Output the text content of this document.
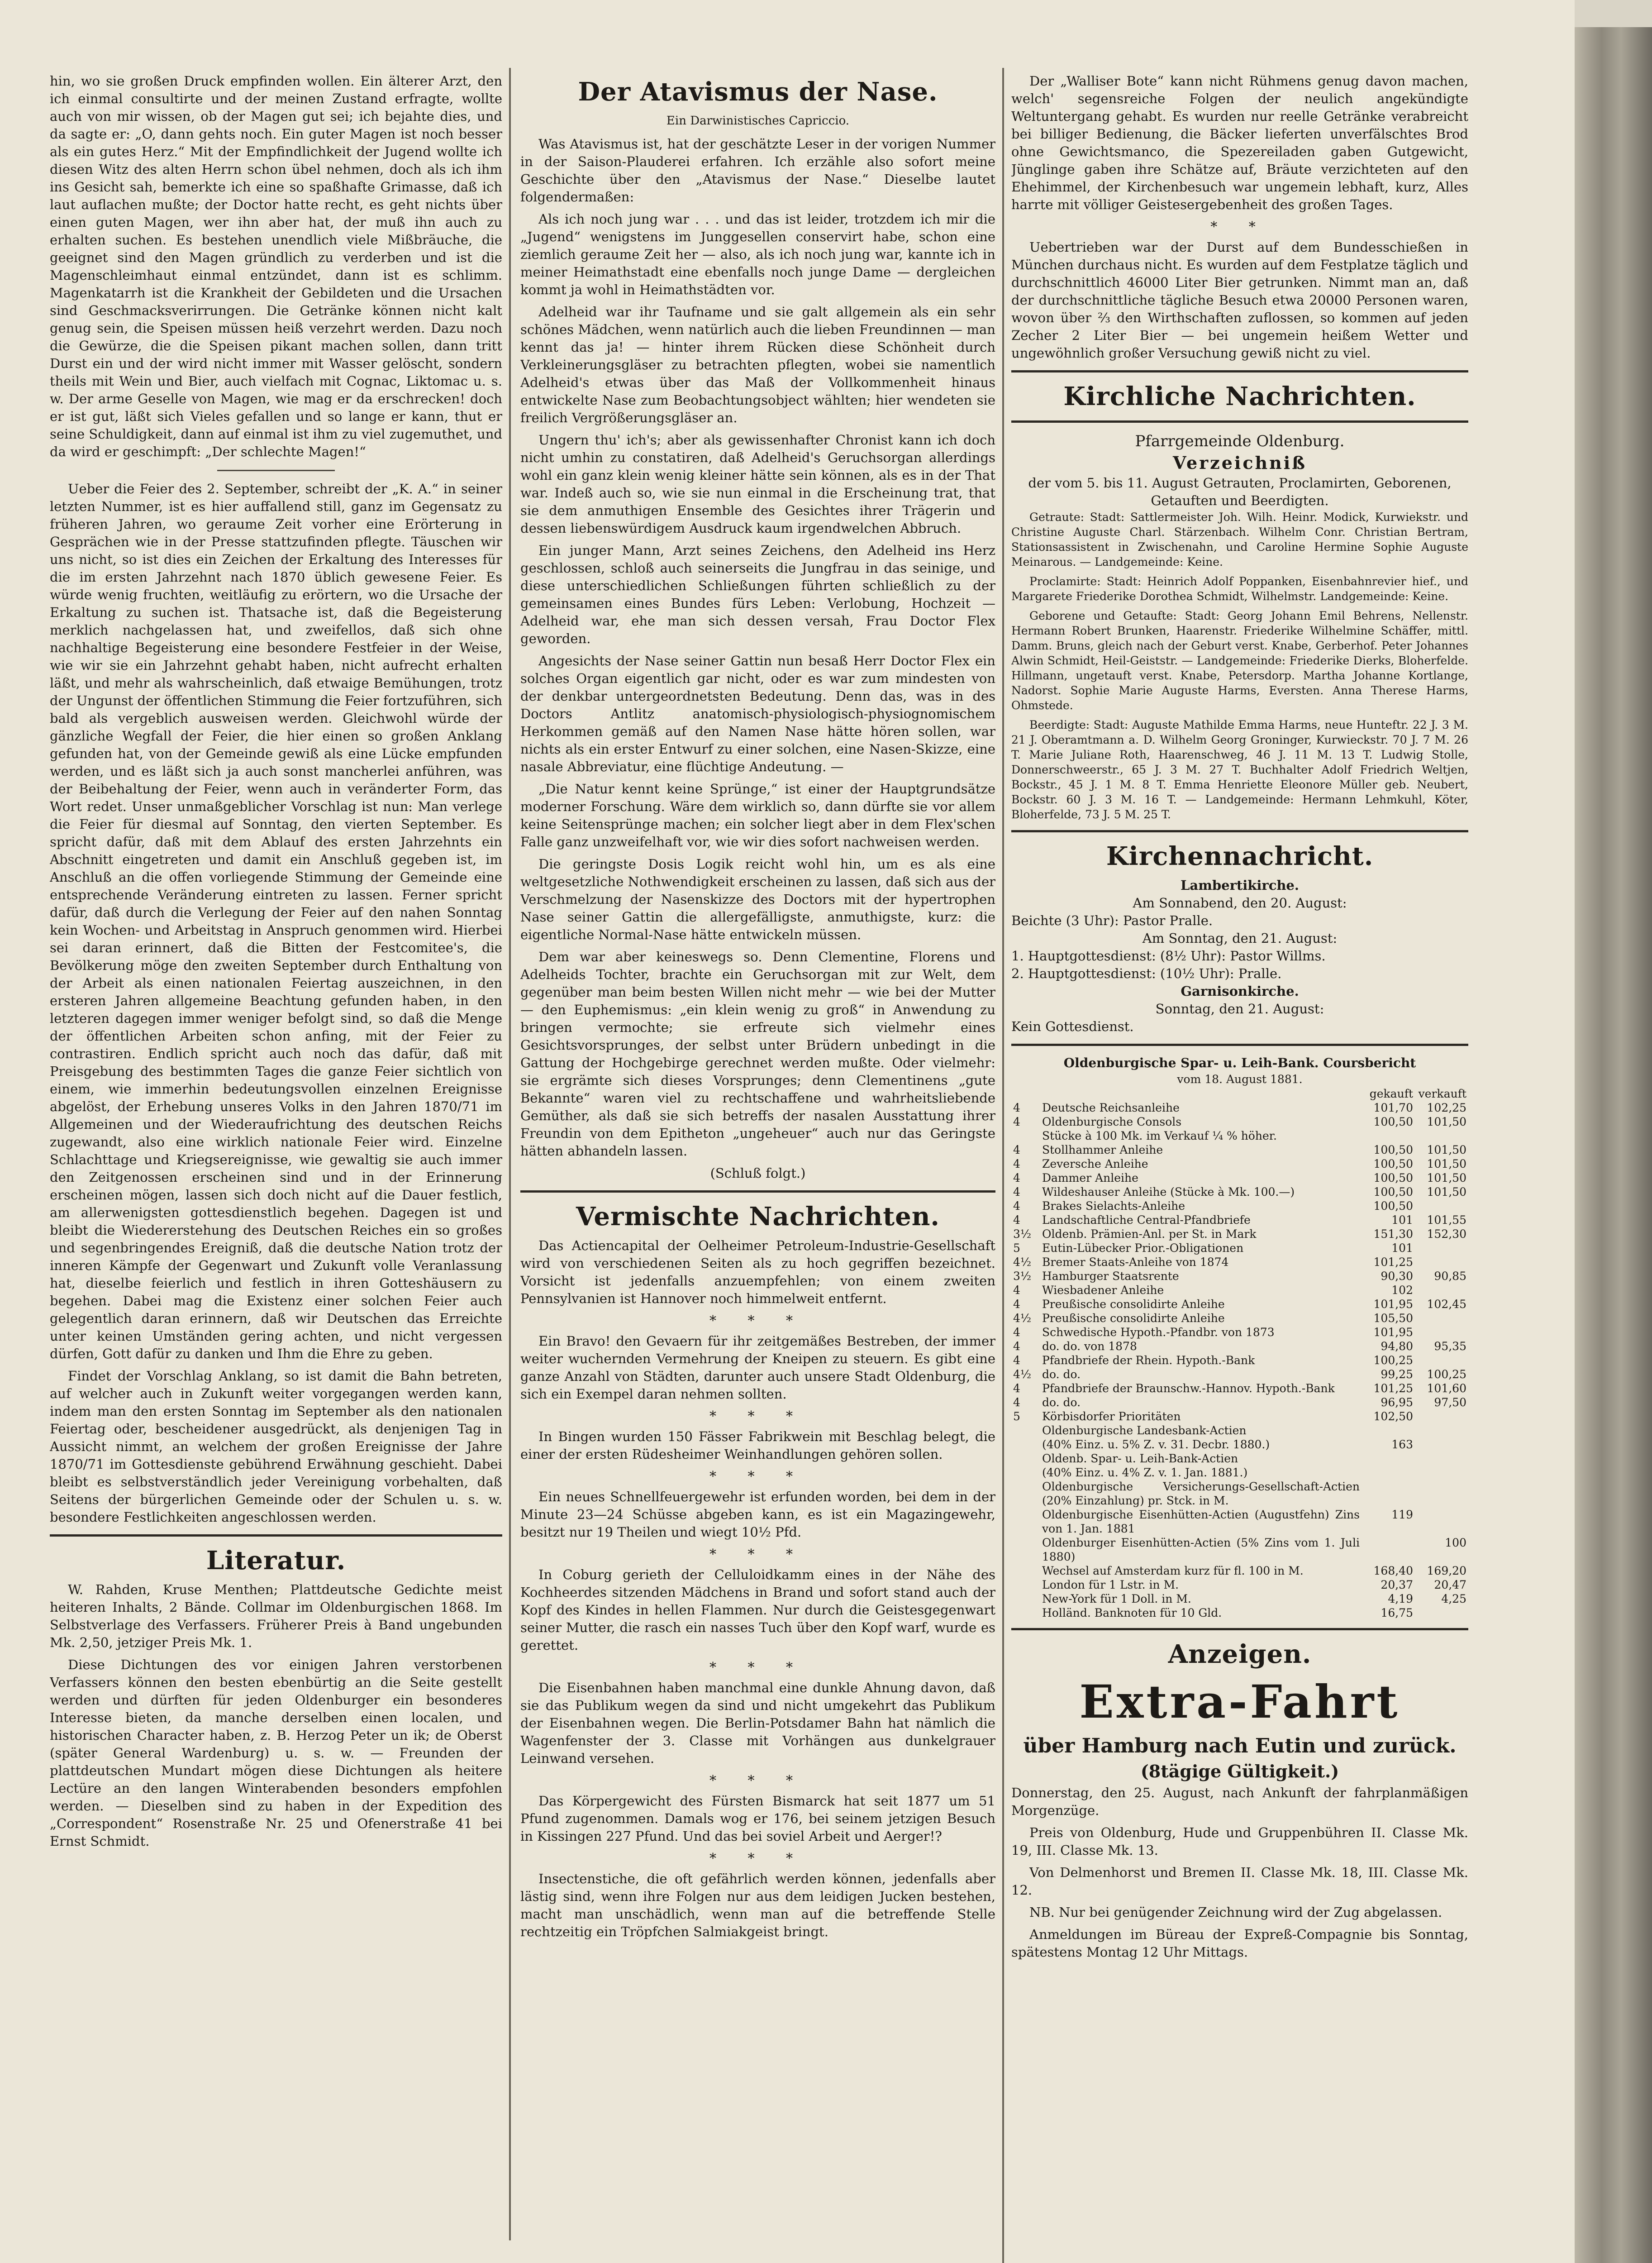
hin, wo sie großen Druck empfinden wollen. Ein älterer Arzt, den ich einmal consultirte und der meinen Zustand erfragte, wollte auch von mir wissen, ob der Magen gut sei; ich bejahte dies, und da sagte er: „O, dann gehts noch. Ein guter Magen ist noch besser als ein gutes Herz.“ Mit der Empfindlichkeit der Jugend wollte ich diesen Witz des alten Herrn schon übel nehmen, doch als ich ihm ins Gesicht sah, bemerkte ich eine so spaßhafte Grimasse, daß ich laut auflachen mußte; der Doctor hatte recht, es geht nichts über einen guten Magen, wer ihn aber hat, der muß ihn auch zu erhalten suchen. Es bestehen unendlich viele Mißbräuche, die geeignet sind den Magen gründlich zu verderben und ist die Magenschleimhaut einmal entzündet, dann ist es schlimm. Magenkatarrh ist die Krankheit der Gebildeten und die Ursachen sind Geschmacksverirrungen. Die Getränke können nicht kalt genug sein, die Speisen müssen heiß verzehrt werden. Dazu noch die Gewürze, die die Speisen pikant machen sollen, dann tritt Durst ein und der wird nicht immer mit Wasser gelöscht, sondern theils mit Wein und Bier, auch vielfach mit Cognac, Liktomac u. s. w. Der arme Geselle von Magen, wie mag er da erschrecken! doch er ist gut, läßt sich Vieles gefallen und so lange er kann, thut er seine Schuldigkeit, dann auf einmal ist ihm zu viel zugemuthet, und da wird er geschimpft: „Der schlechte Magen!“

Ueber die Feier des 2. September, schreibt der „K. A.“ in seiner letzten Nummer, ist es hier auffallend still, ganz im Gegensatz zu früheren Jahren, wo geraume Zeit vorher eine Erörterung in Gesprächen wie in der Presse stattzufinden pflegte. Täuschen wir uns nicht, so ist dies ein Zeichen der Erkaltung des Interesses für die im ersten Jahrzehnt nach 1870 üblich gewesene Feier. Es würde wenig fruchten, weitläufig zu erörtern, wo die Ursache der Erkaltung zu suchen ist. Thatsache ist, daß die Begeisterung merklich nachgelassen hat, und zweifellos, daß sich ohne nachhaltige Begeisterung eine besondere Festfeier in der Weise, wie wir sie ein Jahrzehnt gehabt haben, nicht aufrecht erhalten läßt, und mehr als wahrscheinlich, daß etwaige Bemühungen, trotz der Ungunst der öffentlichen Stimmung die Feier fortzuführen, sich bald als vergeblich ausweisen werden. Gleichwohl würde der gänzliche Wegfall der Feier, die hier einen so großen Anklang gefunden hat, von der Gemeinde gewiß als eine Lücke empfunden werden, und es läßt sich ja auch sonst mancherlei anführen, was der Beibehaltung der Feier, wenn auch in veränderter Form, das Wort redet. Unser unmaßgeblicher Vorschlag ist nun: Man verlege die Feier für diesmal auf Sonntag, den vierten September. Es spricht dafür, daß mit dem Ablauf des ersten Jahrzehnts ein Abschnitt eingetreten und damit ein Anschluß gegeben ist, im Anschluß an die offen vorliegende Stimmung der Gemeinde eine entsprechende Veränderung eintreten zu lassen. Ferner spricht dafür, daß durch die Verlegung der Feier auf den nahen Sonntag kein Wochen- und Arbeitstag in Anspruch genommen wird. Hierbei sei daran erinnert, daß die Bitten der Festcomitee's, die Bevölkerung möge den zweiten September durch Enthaltung von der Arbeit als einen nationalen Feiertag auszeichnen, in den ersteren Jahren allgemeine Beachtung gefunden haben, in den letzteren dagegen immer weniger befolgt sind, so daß die Menge der öffentlichen Arbeiten schon anfing, mit der Feier zu contrastiren. Endlich spricht auch noch das dafür, daß mit Preisgebung des bestimmten Tages die ganze Feier sichtlich von einem, wie immerhin bedeutungsvollen einzelnen Ereignisse abgelöst, der Erhebung unseres Volks in den Jahren 1870/71 im Allgemeinen und der Wiederaufrichtung des deutschen Reichs zugewandt, also eine wirklich nationale Feier wird. Einzelne Schlachttage und Kriegsereignisse, wie gewaltig sie auch immer den Zeitgenossen erscheinen sind und in der Erinnerung erscheinen mögen, lassen sich doch nicht auf die Dauer festlich, am allerwenigsten gottesdienstlich begehen. Dagegen ist und bleibt die Wiedererstehung des Deutschen Reiches ein so großes und segenbringendes Ereigniß, daß die deutsche Nation trotz der inneren Kämpfe der Gegenwart und Zukunft volle Veranlassung hat, dieselbe feierlich und festlich in ihren Gotteshäusern zu begehen. Dabei mag die Existenz einer solchen Feier auch gelegentlich daran erinnern, daß wir Deutschen das Erreichte unter keinen Umständen gering achten, und nicht vergessen dürfen, Gott dafür zu danken und Ihm die Ehre zu geben.

Findet der Vorschlag Anklang, so ist damit die Bahn betreten, auf welcher auch in Zukunft weiter vorgegangen werden kann, indem man den ersten Sonntag im September als den nationalen Feiertag oder, bescheidener ausgedrückt, als denjenigen Tag in Aussicht nimmt, an welchem der großen Ereignisse der Jahre 1870/71 im Gottesdienste gebührend Erwähnung geschieht. Dabei bleibt es selbstverständlich jeder Vereinigung vorbehalten, daß Seitens der bürgerlichen Gemeinde oder der Schulen u. s. w. besondere Festlichkeiten angeschlossen werden.

Literatur.

W. Rahden, Kruse Menthen; Plattdeutsche Gedichte meist heiteren Inhalts, 2 Bände. Collmar im Oldenburgischen 1868. Im Selbstverlage des Verfassers. Früherer Preis à Band ungebunden Mk. 2,50, jetziger Preis Mk. 1.

Diese Dichtungen des vor einigen Jahren verstorbenen Verfassers können den besten ebenbürtig an die Seite gestellt werden und dürften für jeden Oldenburger ein besonderes Interesse bieten, da manche derselben einen localen, und historischen Character haben, z. B. Herzog Peter un ik; de Oberst (später General Wardenburg) u. s. w. — Freunden der plattdeutschen Mundart mögen diese Dichtungen als heitere Lectüre an den langen Winterabenden besonders empfohlen werden. — Dieselben sind zu haben in der Expedition des „Correspondent“ Rosenstraße Nr. 25 und Ofenerstraße 41 bei Ernst Schmidt.

Der Atavismus der Nase.
Ein Darwinistisches Capriccio.

Was Atavismus ist, hat der geschätzte Leser in der vorigen Nummer in der Saison-Plauderei erfahren. Ich erzähle also sofort meine Geschichte über den „Atavismus der Nase.“ Dieselbe lautet folgendermaßen:

Als ich noch jung war . . . und das ist leider, trotzdem ich mir die „Jugend“ wenigstens im Junggesellen conservirt habe, schon eine ziemlich geraume Zeit her — also, als ich noch jung war, kannte ich in meiner Heimathstadt eine ebenfalls noch junge Dame — dergleichen kommt ja wohl in Heimathstädten vor.

Adelheid war ihr Taufname und sie galt allgemein als ein sehr schönes Mädchen, wenn natürlich auch die lieben Freundinnen — man kennt das ja! — hinter ihrem Rücken diese Schönheit durch Verkleinerungsgläser zu betrachten pflegten, wobei sie namentlich Adelheid's etwas über das Maß der Vollkommenheit hinaus entwickelte Nase zum Beobachtungsobject wählten; hier wendeten sie freilich Vergrößerungsgläser an.

Ungern thu' ich's; aber als gewissenhafter Chronist kann ich doch nicht umhin zu constatiren, daß Adelheid's Geruchsorgan allerdings wohl ein ganz klein wenig kleiner hätte sein können, als es in der That war. Indeß auch so, wie sie nun einmal in die Erscheinung trat, that sie dem anmuthigen Ensemble des Gesichtes ihrer Trägerin und dessen liebenswürdigem Ausdruck kaum irgendwelchen Abbruch.

Ein junger Mann, Arzt seines Zeichens, den Adelheid ins Herz geschlossen, schloß auch seinerseits die Jungfrau in das seinige, und diese unterschiedlichen Schließungen führten schließlich zu der gemeinsamen eines Bundes fürs Leben: Verlobung, Hochzeit — Adelheid war, ehe man sich dessen versah, Frau Doctor Flex geworden.

Angesichts der Nase seiner Gattin nun besaß Herr Doctor Flex ein solches Organ eigentlich gar nicht, oder es war zum mindesten von der denkbar untergeordnetsten Bedeutung. Denn das, was in des Doctors Antlitz anatomisch-physiologisch-physiognomischem Herkommen gemäß auf den Namen Nase hätte hören sollen, war nichts als ein erster Entwurf zu einer solchen, eine Nasen-Skizze, eine nasale Abbreviatur, eine flüchtige Andeutung. —

„Die Natur kennt keine Sprünge,“ ist einer der Hauptgrundsätze moderner Forschung. Wäre dem wirklich so, dann dürfte sie vor allem keine Seitensprünge machen; ein solcher liegt aber in dem Flex'schen Falle ganz unzweifelhaft vor, wie wir dies sofort nachweisen werden.

Die geringste Dosis Logik reicht wohl hin, um es als eine weltgesetzliche Nothwendigkeit erscheinen zu lassen, daß sich aus der Verschmelzung der Nasenskizze des Doctors mit der hypertrophen Nase seiner Gattin die allergefälligste, anmuthigste, kurz: die eigentliche Normal-Nase hätte entwickeln müssen.

Dem war aber keineswegs so. Denn Clementine, Florens und Adelheids Tochter, brachte ein Geruchsorgan mit zur Welt, dem gegenüber man beim besten Willen nicht mehr — wie bei der Mutter — den Euphemismus: „ein klein wenig zu groß“ in Anwendung zu bringen vermochte; sie erfreute sich vielmehr eines Gesichtsvorsprunges, der selbst unter Brüdern unbedingt in die Gattung der Hochgebirge gerechnet werden mußte. Oder vielmehr: sie ergrämte sich dieses Vorsprunges; denn Clementinens „gute Bekannte“ waren viel zu rechtschaffene und wahrheitsliebende Gemüther, als daß sie sich betreffs der nasalen Ausstattung ihrer Freundin von dem Epitheton „ungeheuer“ auch nur das Geringste hätten abhandeln lassen.

(Schluß folgt.)
Vermischte Nachrichten.

Das Actiencapital der Oelheimer Petroleum-Industrie-Gesellschaft wird von verschiedenen Seiten als zu hoch gegriffen bezeichnet. Vorsicht ist jedenfalls anzuempfehlen; von einem zweiten Pennsylvanien ist Hannover noch himmelweit entfernt.

* * *

Ein Bravo! den Gevaern für ihr zeitgemäßes Bestreben, der immer weiter wuchernden Vermehrung der Kneipen zu steuern. Es gibt eine ganze Anzahl von Städten, darunter auch unsere Stadt Oldenburg, die sich ein Exempel daran nehmen sollten.

* * *

In Bingen wurden 150 Fässer Fabrikwein mit Beschlag belegt, die einer der ersten Rüdesheimer Weinhandlungen gehören sollen.

* * *

Ein neues Schnellfeuergewehr ist erfunden worden, bei dem in der Minute 23—24 Schüsse abgeben kann, es ist ein Magazingewehr, besitzt nur 19 Theilen und wiegt 10½ Pfd.

* * *

In Coburg gerieth der Celluloidkamm eines in der Nähe des Kochheerdes sitzenden Mädchens in Brand und sofort stand auch der Kopf des Kindes in hellen Flammen. Nur durch die Geistesgegenwart seiner Mutter, die rasch ein nasses Tuch über den Kopf warf, wurde es gerettet.

* * *

Die Eisenbahnen haben manchmal eine dunkle Ahnung davon, daß sie das Publikum wegen da sind und nicht umgekehrt das Publikum der Eisenbahnen wegen. Die Berlin-Potsdamer Bahn hat nämlich die Wagenfenster der 3. Classe mit Vorhängen aus dunkelgrauer Leinwand versehen.

* * *

Das Körpergewicht des Fürsten Bismarck hat seit 1877 um 51 Pfund zugenommen. Damals wog er 176, bei seinem jetzigen Besuch in Kissingen 227 Pfund. Und das bei soviel Arbeit und Aerger!?

* * *

Insectenstiche, die oft gefährlich werden können, jedenfalls aber lästig sind, wenn ihre Folgen nur aus dem leidigen Jucken bestehen, macht man unschädlich, wenn man auf die betreffende Stelle rechtzeitig ein Tröpfchen Salmiakgeist bringt.

Der „Walliser Bote“ kann nicht Rühmens genug davon machen, welch' segensreiche Folgen der neulich angekündigte Weltuntergang gehabt. Es wurden nur reelle Getränke verabreicht bei billiger Bedienung, die Bäcker lieferten unverfälschtes Brod ohne Gewichtsmanco, die Spezereiladen gaben Gutgewicht, Jünglinge gaben ihre Schätze auf, Bräute verzichteten auf den Ehehimmel, der Kirchenbesuch war ungemein lebhaft, kurz, Alles harrte mit völliger Geistesergebenheit des großen Tages.

* *

Uebertrieben war der Durst auf dem Bundesschießen in München durchaus nicht. Es wurden auf dem Festplatze täglich und durchschnittlich 46000 Liter Bier getrunken. Nimmt man an, daß der durchschnittliche tägliche Besuch etwa 20000 Personen waren, wovon über ⅔ den Wirthschaften zuflossen, so kommen auf jeden Zecher 2 Liter Bier — bei ungemein heißem Wetter und ungewöhnlich großer Versuchung gewiß nicht zu viel.

Kirchliche Nachrichten.
Pfarrgemeinde Oldenburg.
Verzeichniß
der vom 5. bis 11. August Getrauten, Proclamirten, Geborenen, Getauften und Beerdigten.

Getraute: Stadt: Sattlermeister Joh. Wilh. Heinr. Modick, Kurwiekstr. und Christine Auguste Charl. Stärzenbach. Wilhelm Conr. Christian Bertram, Stationsassistent in Zwischenahn, und Caroline Hermine Sophie Auguste Meinarous. — Landgemeinde: Keine.

Proclamirte: Stadt: Heinrich Adolf Poppanken, Eisenbahnrevier hief., und Margarete Friederike Dorothea Schmidt, Wilhelmstr. Landgemeinde: Keine.

Geborene und Getaufte: Stadt: Georg Johann Emil Behrens, Nellenstr. Hermann Robert Brunken, Haarenstr. Friederike Wilhelmine Schäffer, mittl. Damm. Bruns, gleich nach der Geburt verst. Knabe, Gerberhof. Peter Johannes Alwin Schmidt, Heil-Geiststr. — Landgemeinde: Friederike Dierks, Bloherfelde. Hillmann, ungetauft verst. Knabe, Petersdorp. Martha Johanne Kortlange, Nadorst. Sophie Marie Auguste Harms, Eversten. Anna Therese Harms, Ohmstede.

Beerdigte: Stadt: Auguste Mathilde Emma Harms, neue Hunteftr. 22 J. 3 M. 21 J. Oberamtmann a. D. Wilhelm Georg Groninger, Kurwieckstr. 70 J. 7 M. 26 T. Marie Juliane Roth, Haarenschweg, 46 J. 11 M. 13 T. Ludwig Stolle, Donnerschweerstr., 65 J. 3 M. 27 T. Buchhalter Adolf Friedrich Weltjen, Bockstr., 45 J. 1 M. 8 T. Emma Henriette Eleonore Müller geb. Neubert, Bockstr. 60 J. 3 M. 16 T. — Landgemeinde: Hermann Lehmkuhl, Köter, Bloherfelde, 73 J. 5 M. 25 T.

Kirchennachricht.
Lambertikirche.
Am Sonnabend, den 20. August:
Beichte (3 Uhr): Pastor Pralle.
Am Sonntag, den 21. August:
1. Hauptgottesdienst: (8½ Uhr): Pastor Willms.
2. Hauptgottesdienst: (10½ Uhr): Pralle.
Garnisonkirche.
Sonntag, den 21. August:
Kein Gottesdienst.
Oldenburgische Spar- u. Leih-Bank. Coursbericht
vom 18. August 1881.
		gekauft	verkauft
4	Deutsche Reichsanleihe	101,70	102,25
4	Oldenburgische Consols	100,50	101,50
	Stücke à 100 Mk. im Verkauf ¼ % höher.		
4	Stollhammer Anleihe	100,50	101,50
4	Zeversche Anleihe	100,50	101,50
4	Dammer Anleihe	100,50	101,50
4	Wildeshauser Anleihe (Stücke à Mk. 100.—)	100,50	101,50
4	Brakes Sielachts-Anleihe	100,50	
4	Landschaftliche Central-Pfandbriefe	101	101,55
3½	Oldenb. Prämien-Anl. per St. in Mark	151,30	152,30
5	Eutin-Lübecker Prior.-Obligationen	101	
4½	Bremer Staats-Anleihe von 1874	101,25	
3½	Hamburger Staatsrente	90,30	90,85
4	Wiesbadener Anleihe	102	
4	Preußische consolidirte Anleihe	101,95	102,45
4½	Preußische consolidirte Anleihe	105,50	
4	Schwedische Hypoth.-Pfandbr. von 1873	101,95	
4	do. do. von 1878	94,80	95,35
4	Pfandbriefe der Rhein. Hypoth.-Bank	100,25	
4½	do. do.	99,25	100,25
4	Pfandbriefe der Braunschw.-Hannov. Hypoth.-Bank	101,25	101,60
4	do. do.	96,95	97,50
5	Körbisdorfer Prioritäten	102,50	
	Oldenburgische Landesbank-Actien		
	(40% Einz. u. 5% Z. v. 31. Decbr. 1880.)	163	
	Oldenb. Spar- u. Leih-Bank-Actien		
	(40% Einz. u. 4% Z. v. 1. Jan. 1881.)		
	Oldenburgische Versicherungs-Gesellschaft-Actien (20% Einzahlung) pr. Stck. in M.		
	Oldenburgische Eisenhütten-Actien (Augustfehn) Zins von 1. Jan. 1881	119	
	Oldenburger Eisenhütten-Actien (5% Zins vom 1. Juli 1880)		100
	Wechsel auf Amsterdam kurz für fl. 100 in M.	168,40	169,20
	London für 1 Lstr. in M.	20,37	20,47
	New-York für 1 Doll. in M.	4,19	4,25
	Holländ. Banknoten für 10 Gld.	16,75	
Anzeigen.
Extra-Fahrt
über Hamburg nach Eutin und zurück.
(8tägige Gültigkeit.)

Donnerstag, den 25. August, nach Ankunft der fahrplanmäßigen Morgenzüge.

Preis von Oldenburg, Hude und Gruppenbühren II. Classe Mk. 19, III. Classe Mk. 13.

Von Delmenhorst und Bremen II. Classe Mk. 18, III. Classe Mk. 12.

NB. Nur bei genügender Zeichnung wird der Zug abgelassen.

Anmeldungen im Büreau der Expreß-Compagnie bis Sonntag, spätestens Montag 12 Uhr Mittags.
